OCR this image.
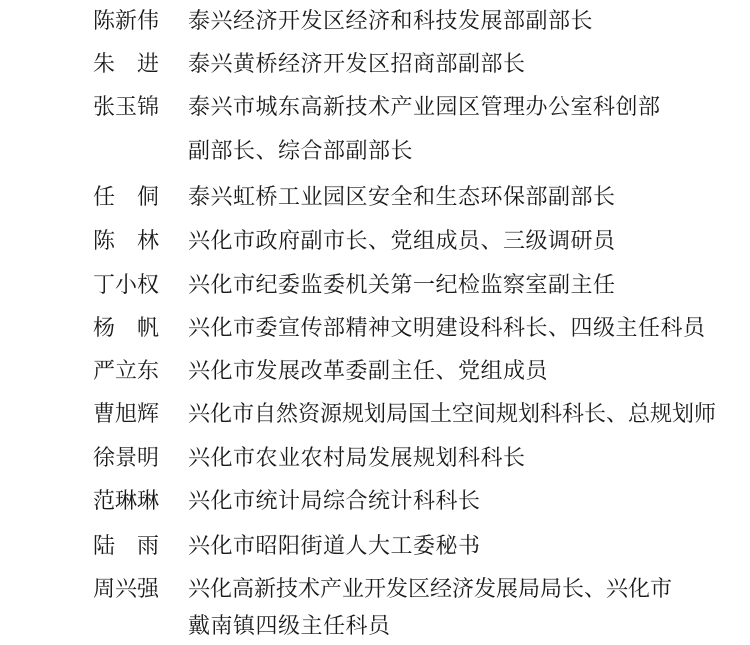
陈新伟 泰兴经济开发区经济和科技发展部副部长
朱　进 泰兴黄桥经济开发区招商部副部长
张玉锦 泰兴市城东高新技术产业园区管理办公室科创部
副部长、综合部副部长
任　侗 泰兴虹桥工业园区安全和生态环保部副部长
陈　林 兴化市政府副市长、党组成员、三级调研员
丁小权 兴化市纪委监委机关第一纪检监察室副主任
杨　帆 兴化市委宣传部精神文明建设科科长、四级主任科员
严立东 兴化市发展改革委副主任、党组成员
曹旭辉 兴化市自然资源规划局国土空间规划科科长、总规划师
徐景明 兴化市农业农村局发展规划科科长
范琳琳 兴化市统计局综合统计科科长
陆　雨 兴化市昭阳街道人大工委秘书
周兴强 兴化高新技术产业开发区经济发展局局长、兴化市
戴南镇四级主任科员
